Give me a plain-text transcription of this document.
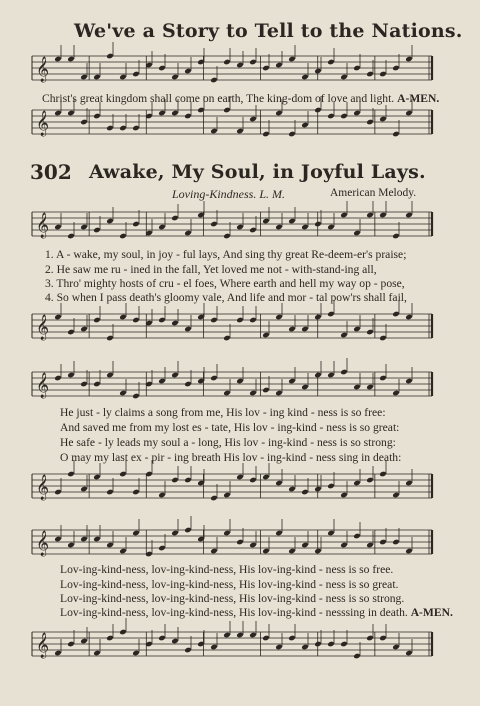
We've a Story to Tell to the Nations.
Christ's great kingdom shall come on earth, The king-dom of love and light. A-MEN.
302 Awake, My Soul, in Joyful Lays.
Loving-Kindness. L. M.	American Melody.
1. A - wake, my soul, in joy - ful lays, And sing thy great Re-deem-er's praise;
2. He saw me ru - ined in the fall, Yet loved me not - with-stand-ing all,
3. Thro' mighty hosts of cru - el foes, Where earth and hell my way op - pose,
4. So when I pass death's gloomy vale, And life and mor - tal pow'rs shall fail,
He just - ly claims a song from me, His lov - ing kind - ness is so free:
And saved me from my lost es - tate, His lov - ing-kind - ness is so great:
He safe - ly leads my soul a - long, His lov - ing-kind - ness is so strong:
O may my last ex - pir - ing breath His lov - ing-kind - ness sing in death:
Lov-ing-kind-ness, lov-ing-kind-ness, His lov-ing-kind - ness is so free.
Lov-ing-kind-ness, lov-ing-kind-ness, His lov-ing-kind - ness is so great.
Lov-ing-kind-ness, lov-ing-kind-ness, His lov-ing-kind - ness is so strong.
Lov-ing-kind-ness, lov-ing-kind-ness, His lov-ing-kind - nesssing in death. A-MEN.
𝄞
𝄞
𝄞
𝄞
𝄞
𝄞
𝄞
𝄞
